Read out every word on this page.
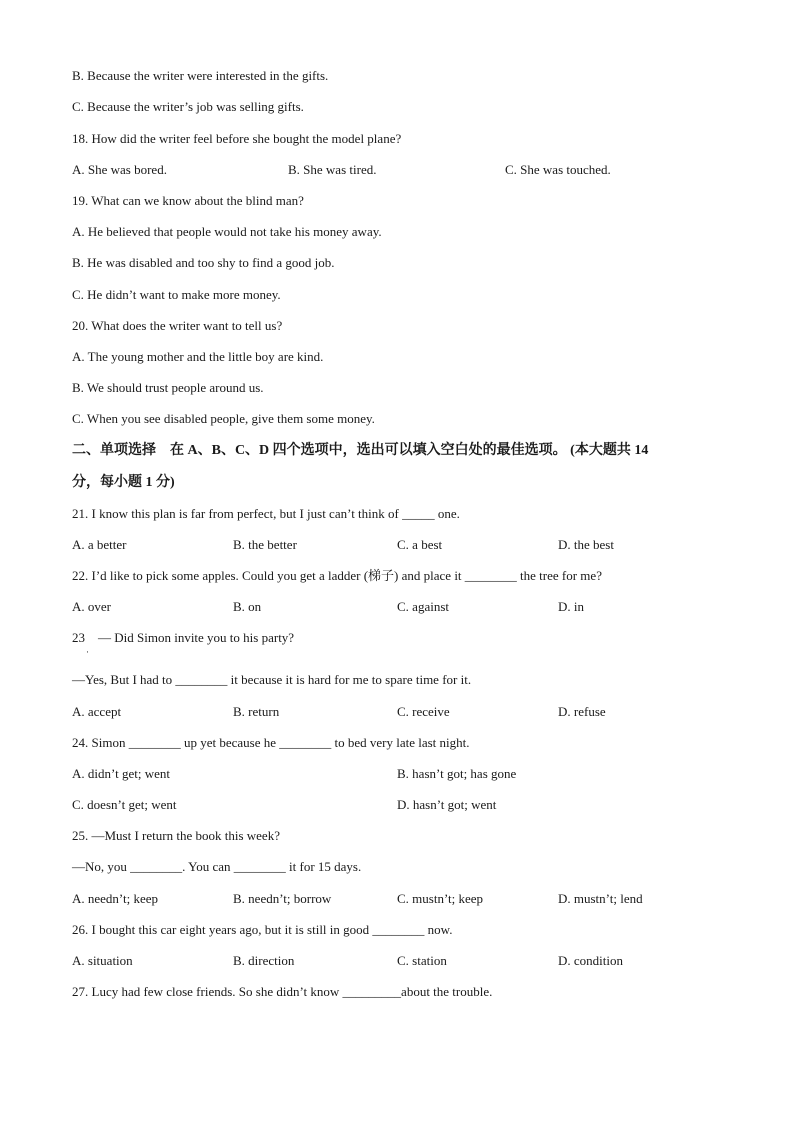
B. Because the writer were interested in the gifts.
C. Because the writer’s job was selling gifts.
18. How did the writer feel before she bought the model plane?
A. She was bored.	B. She was tired.	C. She was touched.
19. What can we know about the blind man?
A. He believed that people would not take his money away.
B. He was disabled and too shy to find a good job.
C. He didn’t want to make more money.
20. What does the writer want to tell us?
A. The young mother and the little boy are kind.
B. We should trust people around us.
C. When you see disabled people, give them some money.
二、单项选择　在 A、B、C、D 四个选项中，选出可以填入空白处的最佳选项。 (本大题共 14
分，每小题 1 分)
21. I know this plan is far from perfect, but I just can’t think of _____ one.
A. a better	B. the better	C. a best	D. the best
22. I’d like to pick some apples. Could you get a ladder (梯子) and place it ________ the tree for me?
A. over	B. on	C. against	D. in
23　— Did Simon invite you to his party?
·
—Yes, But I had to ________ it because it is hard for me to spare time for it.
A. accept	B. return	C. receive	D. refuse
24. Simon ________ up yet because he ________ to bed very late last night.
A. didn’t get; went	B. hasn’t got; has gone
C. doesn’t get; went	D. hasn’t got; went
25. —Must I return the book this week?
—No, you ________. You can ________ it for 15 days.
A. needn’t; keep	B. needn’t; borrow	C. mustn’t; keep	D. mustn’t; lend
26. I bought this car eight years ago, but it is still in good ________ now.
A. situation	B. direction	C. station	D. condition
27. Lucy had few close friends. So she didn’t know _________about the trouble.
